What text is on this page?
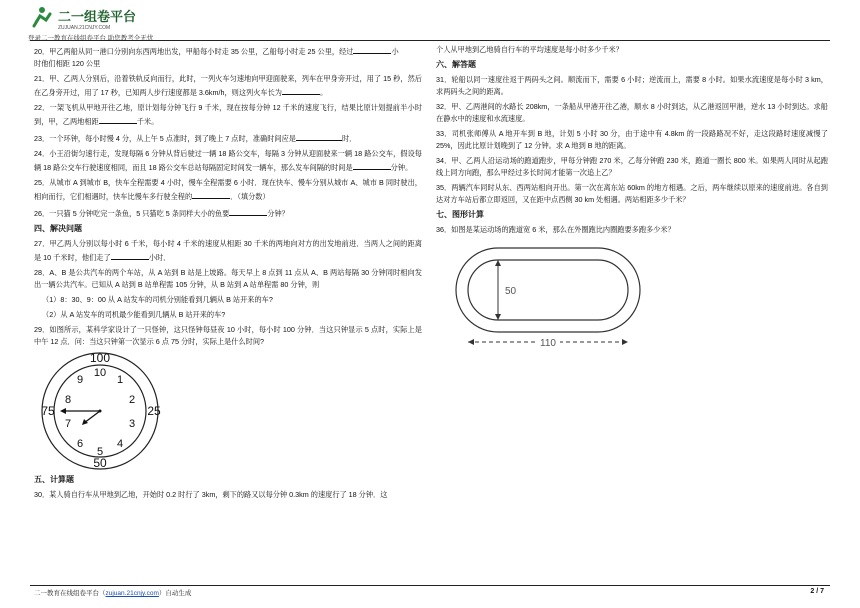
二一组卷平台
ZUJUAN.21CNJY.COM
登录二一教育在线组卷平台 助您教考全无忧

20．甲乙两船从同一港口分别向东西两地出发，甲船每小时走 35 公里，乙船每小时走 25 公里，经过	小
时他们相距 120 公里

21．甲、乙两人分别后，沿着铁轨反向而行，此时，一列火车匀速地向甲迎面驶来，列车在甲身旁开过，用了 15 秒，然后在乙身旁开过，用了 17 秒，已知两人步行速度都是 3.6km/h，则这列火车长为	。

22．一架飞机从甲地开往乙地，原计划每分钟飞行 9 千米，现在按每分钟 12 千米的速度飞行，结果比原计划提前半小时到，甲，乙两地相距	千米。

23．一个环钟，每小时慢 4 分，从上午 5 点准时，到了晚上 7 点时，准确时间应是	时．

24．小王沿街匀速行走，发现每隔 6 分钟从背后驶过一辆 18 路公交车，每隔 3 分钟从迎面驶来一辆 18 路公交车，假设每辆 18 路公交车行驶速度相同，而且 18 路公交车总站每隔固定时间发一辆车，那么发车间隔的时间是	分钟。

25．从城市 A 到城市 B，快车全程需要 4 小时，慢车全程需要 6 小时．现在快车、慢车分别从城市 A、城市 B 同时驶出，相向而行，它们相遇时，快车比慢车多行驶全程的	．（填分数）

26．一只猫 5 分钟吃完一条鱼，5 只猫吃 5 条同样大小的鱼要	分钟？

四、解决问题

27．甲乙两人分别以每小时 6 千米，每小时 4 千米的速度从相距 30 千米的两地向对方的出发地前进．当两人之间的距离是 10 千米时，他们走了	小时．

28．A、B 是公共汽车的两个车站，从 A 站到 B 站是上坡路。每天早上 8 点到 11 点从 A、B 两站每隔 30 分钟同时相向发出一辆公共汽车。已知从 A 站到 B 站单程需 105 分钟，从 B 站到 A 站单程需 80 分钟，则

（1）8：30、9：00 从 A 站发车的司机分别能看到几辆从 B 站开来的车?

（2）从 A 站发车的司机最少能看到几辆从 B 站开来的车?

29．如图所示，某科学家设计了一只怪钟，这只怪钟每昼夜 10 小时，每小时 100 分钟．当这只钟显示 5 点时，实际上是中午 12 点．问：当这只钟第一次显示 6 点 75 分时，实际上是什么时间?

100
50
75	25
10
1
2
3
4
5
6
7
8
9
五、计算题

30．某人骑自行车从甲地到乙地，开始时 0.2 时行了 3km，剩下的路又以每分钟 0.3km 的速度行了 18 分钟．这

个人从甲地到乙地骑自行车的平均速度是每小时多少千米？

六、解答题

31．轮船以同一速度往返于两码头之间。顺流而下，需要 6 小时；逆流而上，需要 8 小时。如果水流速度是每小时 3 km，求两码头之间的距离。

32．甲、乙两港间的水路长 208km，一条船从甲港开往乙港，顺水 8 小时到达，从乙港返回甲港，逆水 13 小时到达。求船在静水中的速度和水流速度。

33．司机张师傅从 A 地开车到 B 地，计划 5 小时 30 分，由于途中有 4.8km 的一段路路况不好，走这段路时速度减慢了 25%，因此比原计划晚到了 12 分钟。求 A 地到 B 地的距离。

34．甲、乙两人沿运动场的跑道跑步，甲每分钟跑 270 米，乙每分钟跑 230 米，跑道一圈长 800 米。如果两人同时从起跑线上同方向跑，那么甲经过多长时间才能第一次追上乙？

35．两辆汽车同时从东、西两站相向开出。第一次在离东站 60km 的地方相遇。之后，两车继续以原来的速度前进。各自到达对方车站后都立即返回，又在距中点西侧 30 km 处相遇。两站相距多少千米？

七、图形计算

36．如图是某运动场的跑道宽 6 米，那么在外圈跑比内圈跑要多跑多少米？

50
110
二一教育在线组卷平台（zujuan.21cnjy.com）自动生成	2 / 7
